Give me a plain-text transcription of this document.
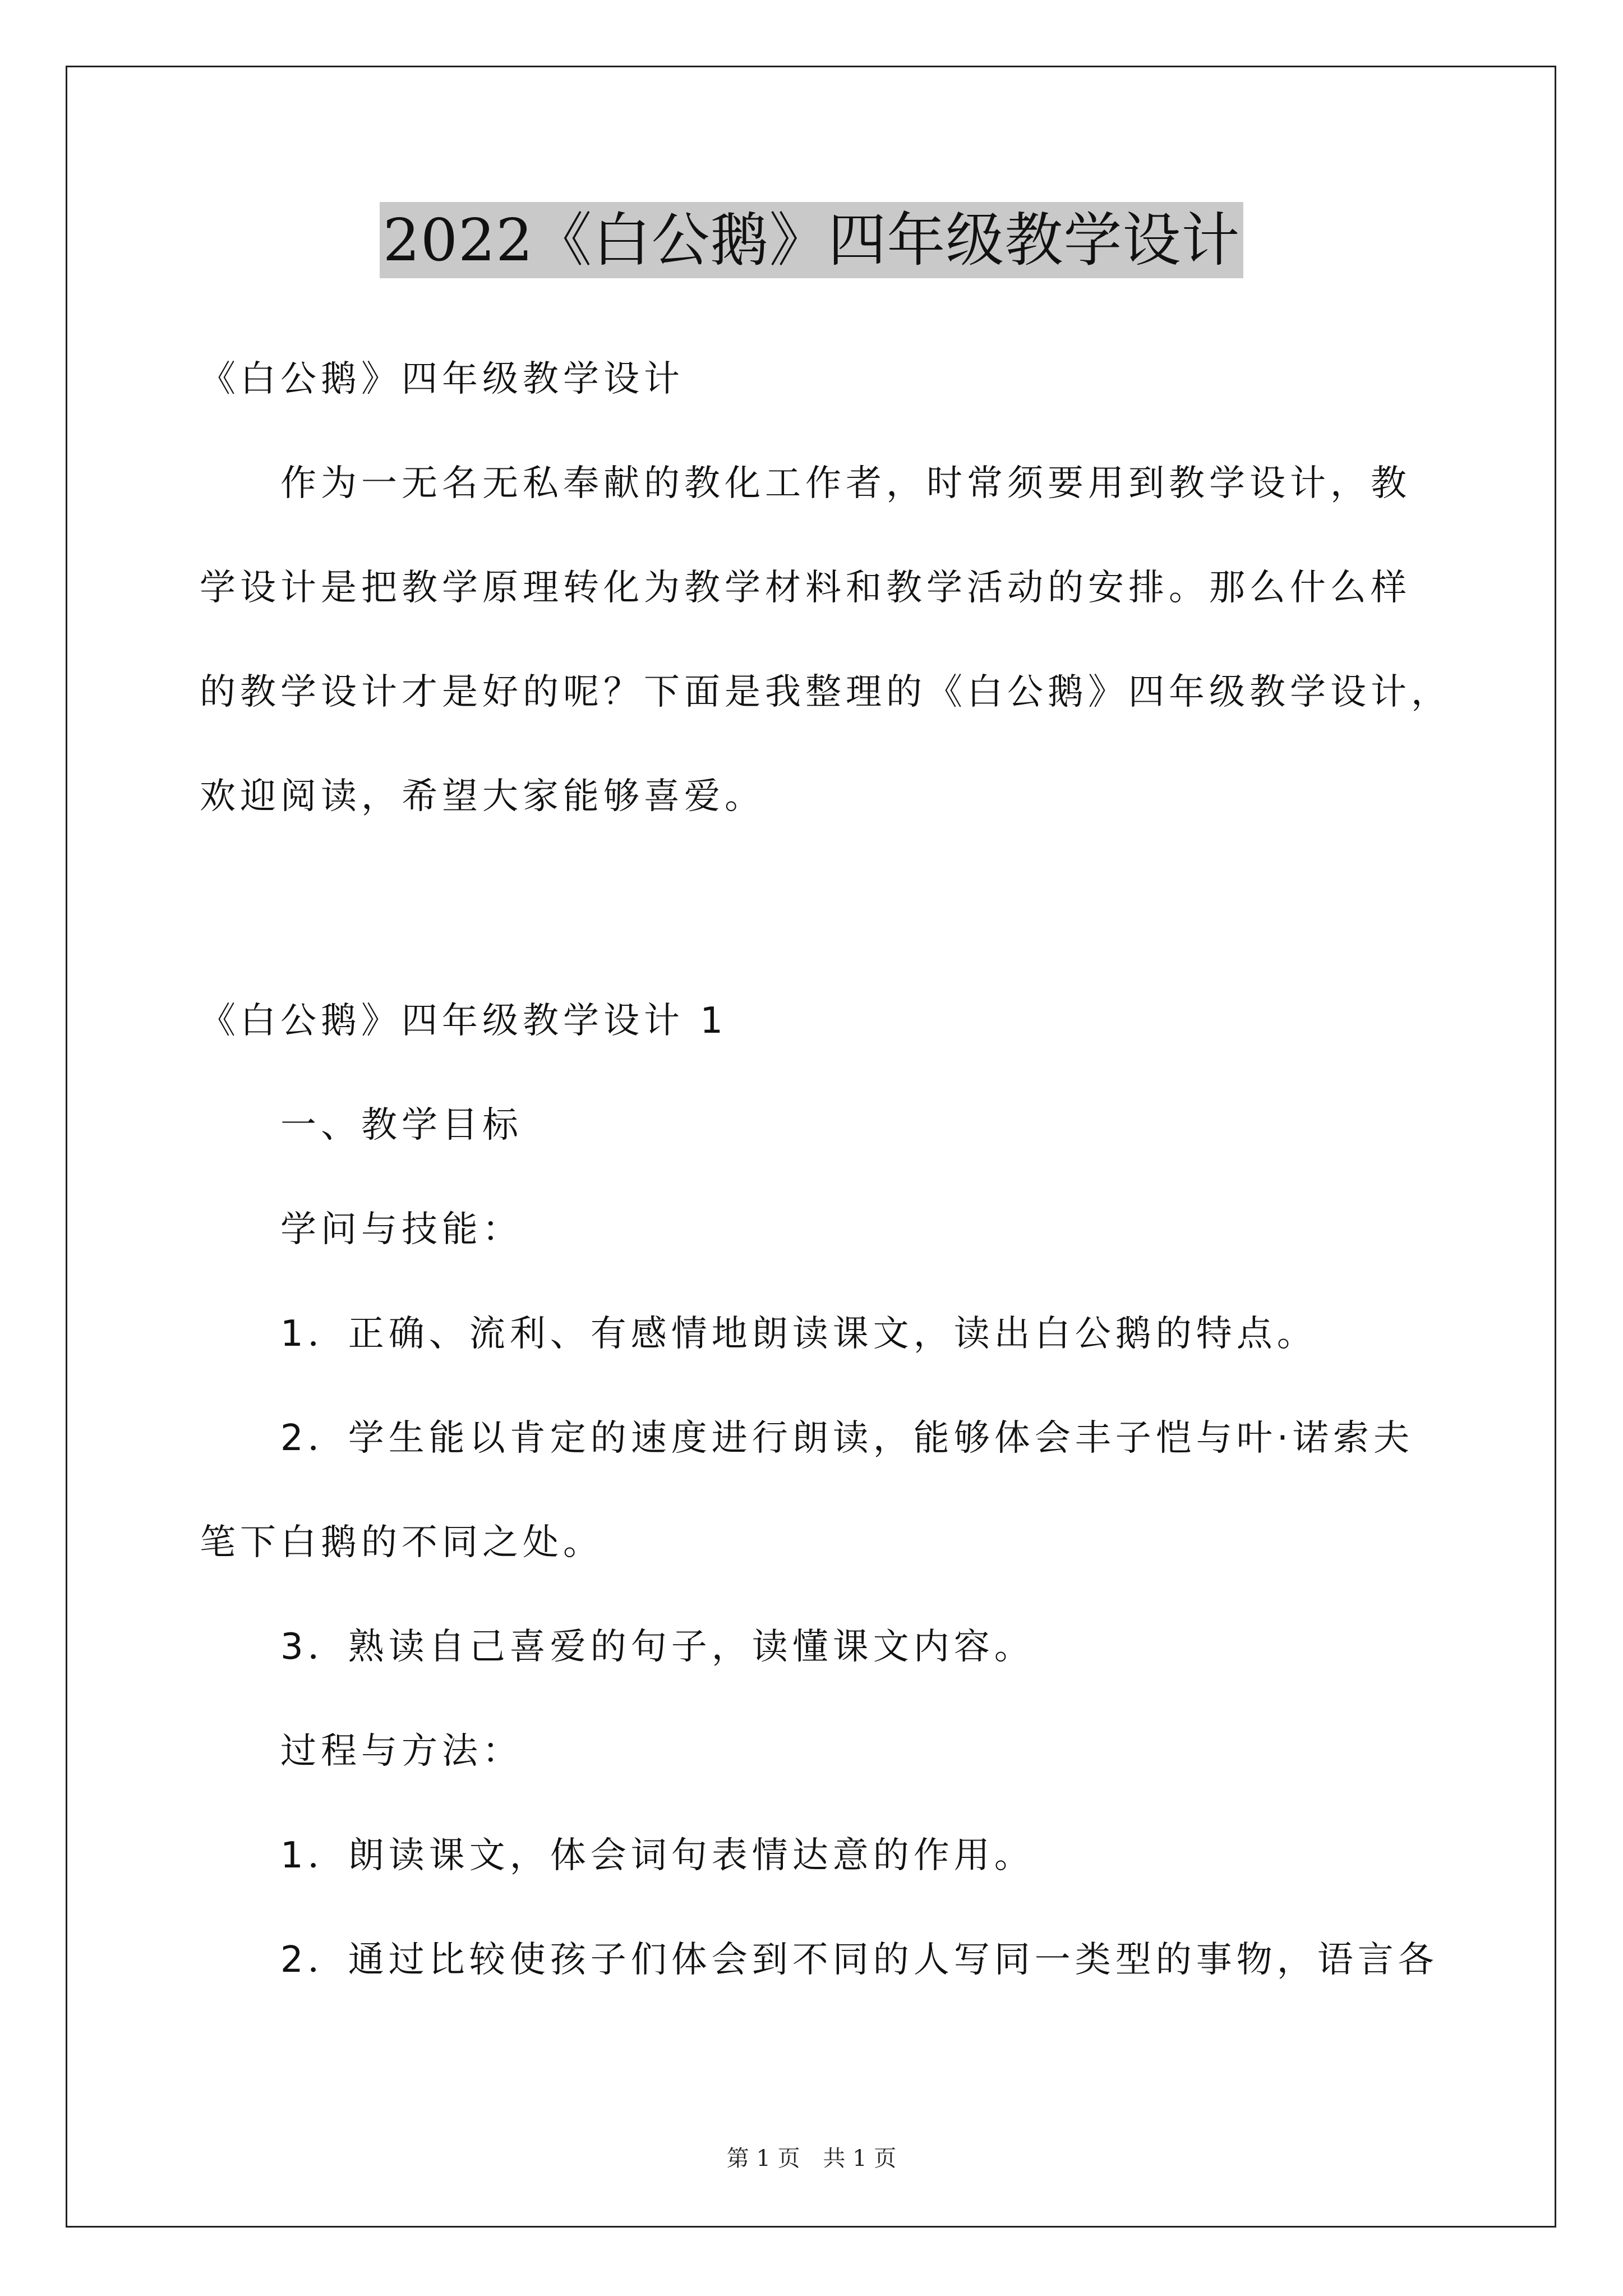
2022《白公鹅》四年级教学设计

《白公鹅》四年级教学设计

作为一无名无私奉献的教化工作者，时常须要用到教学设计，教

学设计是把教学原理转化为教学材料和教学活动的安排。那么什么样

的教学设计才是好的呢？下面是我整理的《白公鹅》四年级教学设计，

欢迎阅读，希望大家能够喜爱。

《白公鹅》四年级教学设计 1

一、教学目标

学问与技能：

1．正确、流利、有感情地朗读课文，读出白公鹅的特点。

2．学生能以肯定的速度进行朗读，能够体会丰子恺与叶·诺索夫

笔下白鹅的不同之处。

3．熟读自己喜爱的句子，读懂课文内容。

过程与方法：

1．朗读课文，体会词句表情达意的作用。

2．通过比较使孩子们体会到不同的人写同一类型的事物，语言各

第 1 页 共 1 页
